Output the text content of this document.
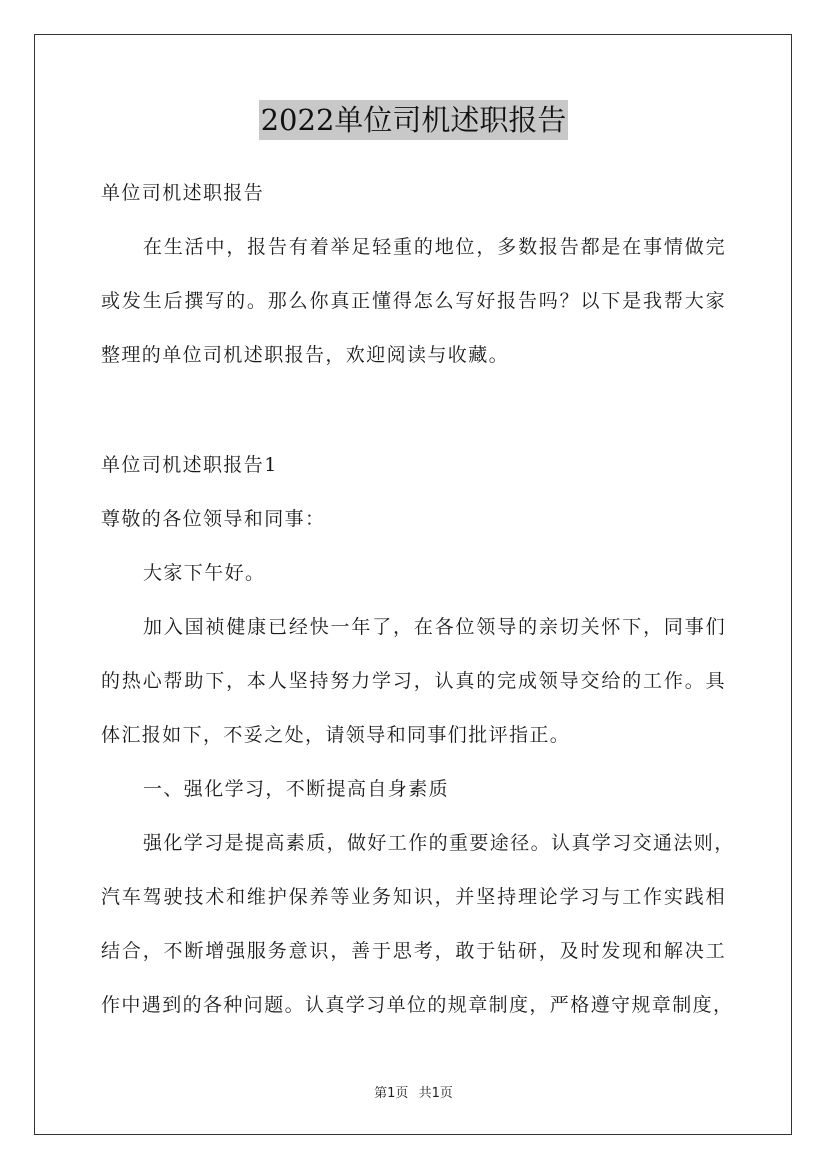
2022单位司机述职报告
单位司机述职报告
在生活中，报告有着举足轻重的地位，多数报告都是在事情做完
或发生后撰写的。那么你真正懂得怎么写好报告吗？以下是我帮大家
整理的单位司机述职报告，欢迎阅读与收藏。
单位司机述职报告1
尊敬的各位领导和同事：
大家下午好。
加入国祯健康已经快一年了，在各位领导的亲切关怀下，同事们
的热心帮助下，本人坚持努力学习，认真的完成领导交给的工作。具
体汇报如下，不妥之处，请领导和同事们批评指正。
一、强化学习，不断提高自身素质
强化学习是提高素质，做好工作的重要途径。认真学习交通法则，
汽车驾驶技术和维护保养等业务知识，并坚持理论学习与工作实践相
结合，不断增强服务意识，善于思考，敢于钻研，及时发现和解决工
作中遇到的各种问题。认真学习单位的规章制度，严格遵守规章制度，
第1页 共1页
